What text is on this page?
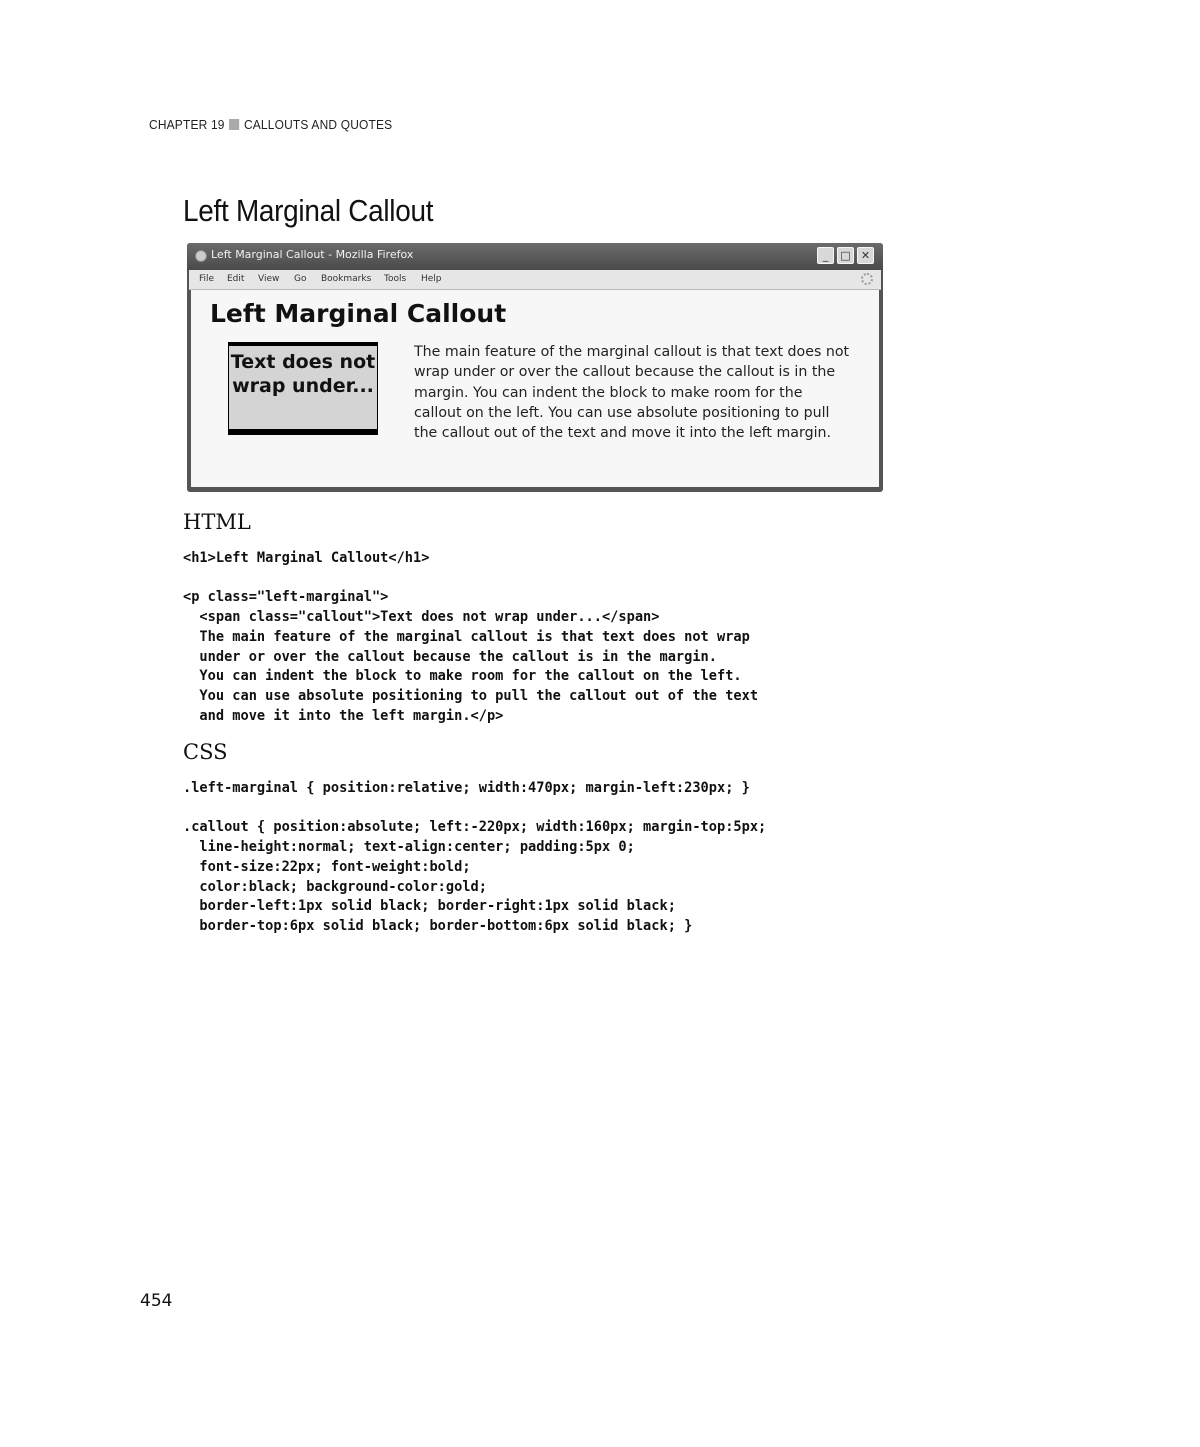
CHAPTER 19 CALLOUTS AND QUOTES
Left Marginal Callout
Left Marginal Callout - Mozilla Firefox	_	□ ✕
File Edit View Go Bookmarks Tools Help
Left Marginal Callout
Text does not wrap under...
The main feature of the marginal callout is that text does not wrap under or over the callout because the callout is in the margin. You can indent the block to make room for the callout on the left. You can use absolute positioning to pull the callout out of the text and move it into the left margin.
HTML
<h1>Left Marginal Callout</h1>

<p class="left-marginal">
<span class="callout">Text does not wrap under...</span>
The main feature of the marginal callout is that text does not wrap
under or over the callout because the callout is in the margin.
You can indent the block to make room for the callout on the left.
You can use absolute positioning to pull the callout out of the text
and move it into the left margin.</p>
CSS
.left-marginal { position:relative; width:470px; margin-left:230px; }

.callout { position:absolute; left:-220px; width:160px; margin-top:5px;
line-height:normal; text-align:center; padding:5px 0;
font-size:22px; font-weight:bold;
color:black; background-color:gold;
border-left:1px solid black; border-right:1px solid black;
border-top:6px solid black; border-bottom:6px solid black; }
454
